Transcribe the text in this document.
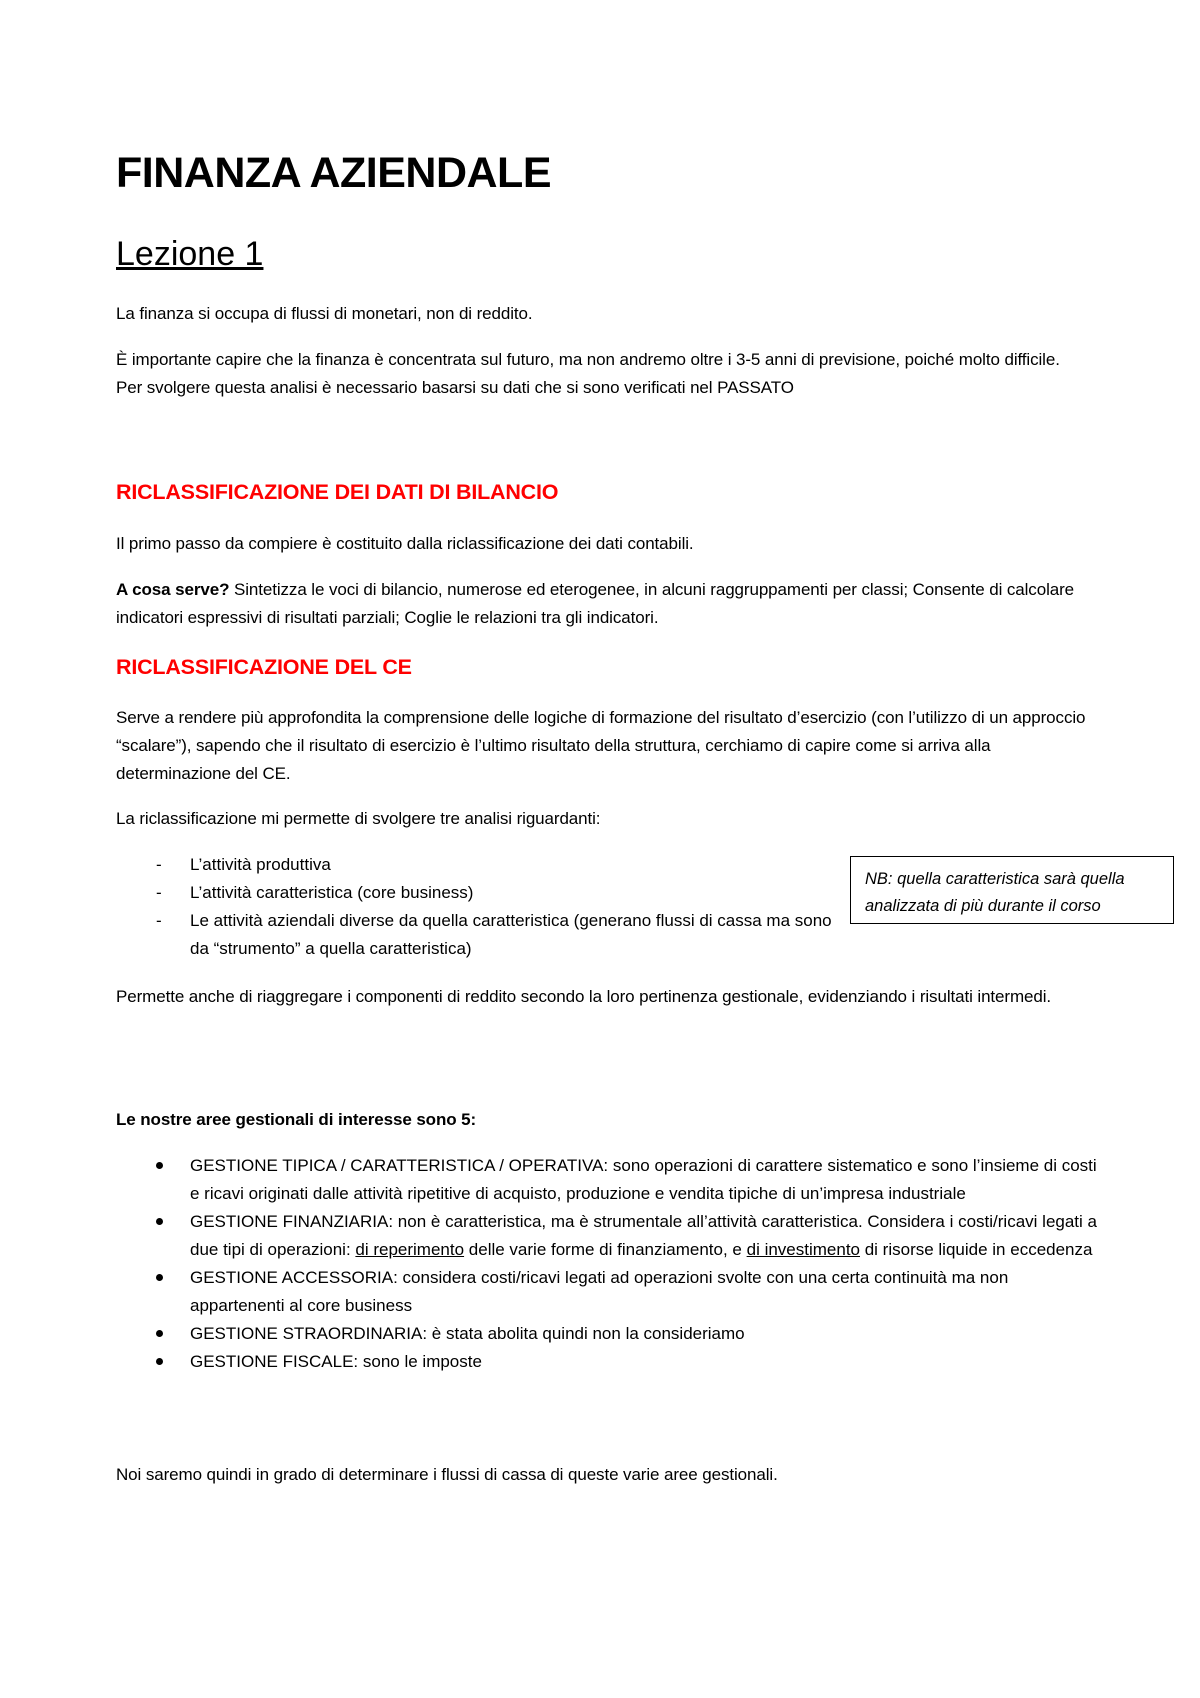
FINANZA AZIENDALE
Lezione 1
La finanza si occupa di flussi di monetari, non di reddito.
È importante capire che la finanza è concentrata sul futuro, ma non andremo oltre i 3-5 anni di previsione, poiché molto difficile.
Per svolgere questa analisi è necessario basarsi su dati che si sono verificati nel PASSATO
RICLASSIFICAZIONE DEI DATI DI BILANCIO
Il primo passo da compiere è costituito dalla riclassificazione dei dati contabili.
A cosa serve? Sintetizza le voci di bilancio, numerose ed eterogenee, in alcuni raggruppamenti per classi; Consente di calcolare indicatori espressivi di risultati parziali; Coglie le relazioni tra gli indicatori.
RICLASSIFICAZIONE DEL CE
Serve a rendere più approfondita la comprensione delle logiche di formazione del risultato d’esercizio (con l’utilizzo di un approccio “scalare”), sapendo che il risultato di esercizio è l’ultimo risultato della struttura, cerchiamo di capire come si arriva alla determinazione del CE.
La riclassificazione mi permette di svolgere tre analisi riguardanti:
- L’attività produttiva
- L’attività caratteristica (core business)
- Le attività aziendali diverse da quella caratteristica (generano flussi di cassa ma sono da “strumento” a quella caratteristica)
NB: quella caratteristica sarà quella analizzata di più durante il corso
Permette anche di riaggregare i componenti di reddito secondo la loro pertinenza gestionale, evidenziando i risultati intermedi.
Le nostre aree gestionali di interesse sono 5:
GESTIONE TIPICA / CARATTERISTICA / OPERATIVA: sono operazioni di carattere sistematico e sono l’insieme di costi e ricavi originati dalle attività ripetitive di acquisto, produzione e vendita tipiche di un’impresa industriale
GESTIONE FINANZIARIA: non è caratteristica, ma è strumentale all’attività caratteristica. Considera i costi/ricavi legati a due tipi di operazioni: di reperimento delle varie forme di finanziamento, e di investimento di risorse liquide in eccedenza
GESTIONE ACCESSORIA: considera costi/ricavi legati ad operazioni svolte con una certa continuità ma non appartenenti al core business
GESTIONE STRAORDINARIA: è stata abolita quindi non la consideriamo
GESTIONE FISCALE: sono le imposte
Noi saremo quindi in grado di determinare i flussi di cassa di queste varie aree gestionali.
